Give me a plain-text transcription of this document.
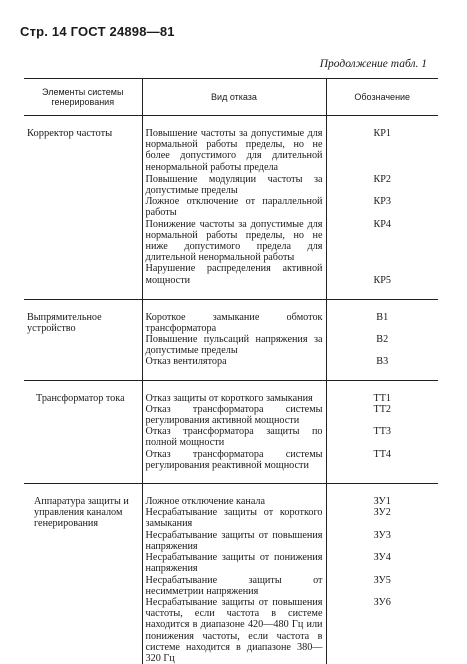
Стр. 14 ГОСТ 24898—81
Продолжение табл. 1
Элементы системы генерирования	Вид отказа	Обозначение

Корректор частоты	Повышение частоты за допустимые для нормальной работы пределы, но не более допустимого для длительной ненормальной работы предела	КР1
	Повышение модуляции частоты за допустимые пределы	КР2
	Ложное отключение от параллельной работы	КР3
	Понижение частоты за допустимые для нормальной работы пределы, но не ниже допустимого предела для длительной ненормальной работы	КР4
	Нарушение распределения активной мощности	КР5

Выпрямительное устройство	Короткое замыкание обмоток трансформатора	В1
	Повышение пульсаций напряжения за допустимые пределы	В2
	Отказ вентилятора	В3

Трансформатор тока	Отказ защиты от короткого замыкания	ТТ1
	Отказ трансформатора системы регулирования активной мощности	ТТ2
	Отказ трансформатора защиты по полной мощности	ТТ3
	Отказ трансформатора системы регулирования реактивной мощности	ТТ4

Аппаратура защиты и управления каналом генерирования	Ложное отключение канала	ЗУ1
	Несрабатывание защиты от короткого замыкания	ЗУ2
	Несрабатывание защиты от повышения напряжения	ЗУ3
	Несрабатывание защиты от понижения напряжения	ЗУ4
	Несрабатывание защиты от несимметрии напряжения	ЗУ5
	Несрабатывание защиты от повышения частоты, если частота в системе находится в диапазоне 420—480 Гц или понижения частоты, если частота в системе находится в диапазоне 380—320 Гц	ЗУ6
